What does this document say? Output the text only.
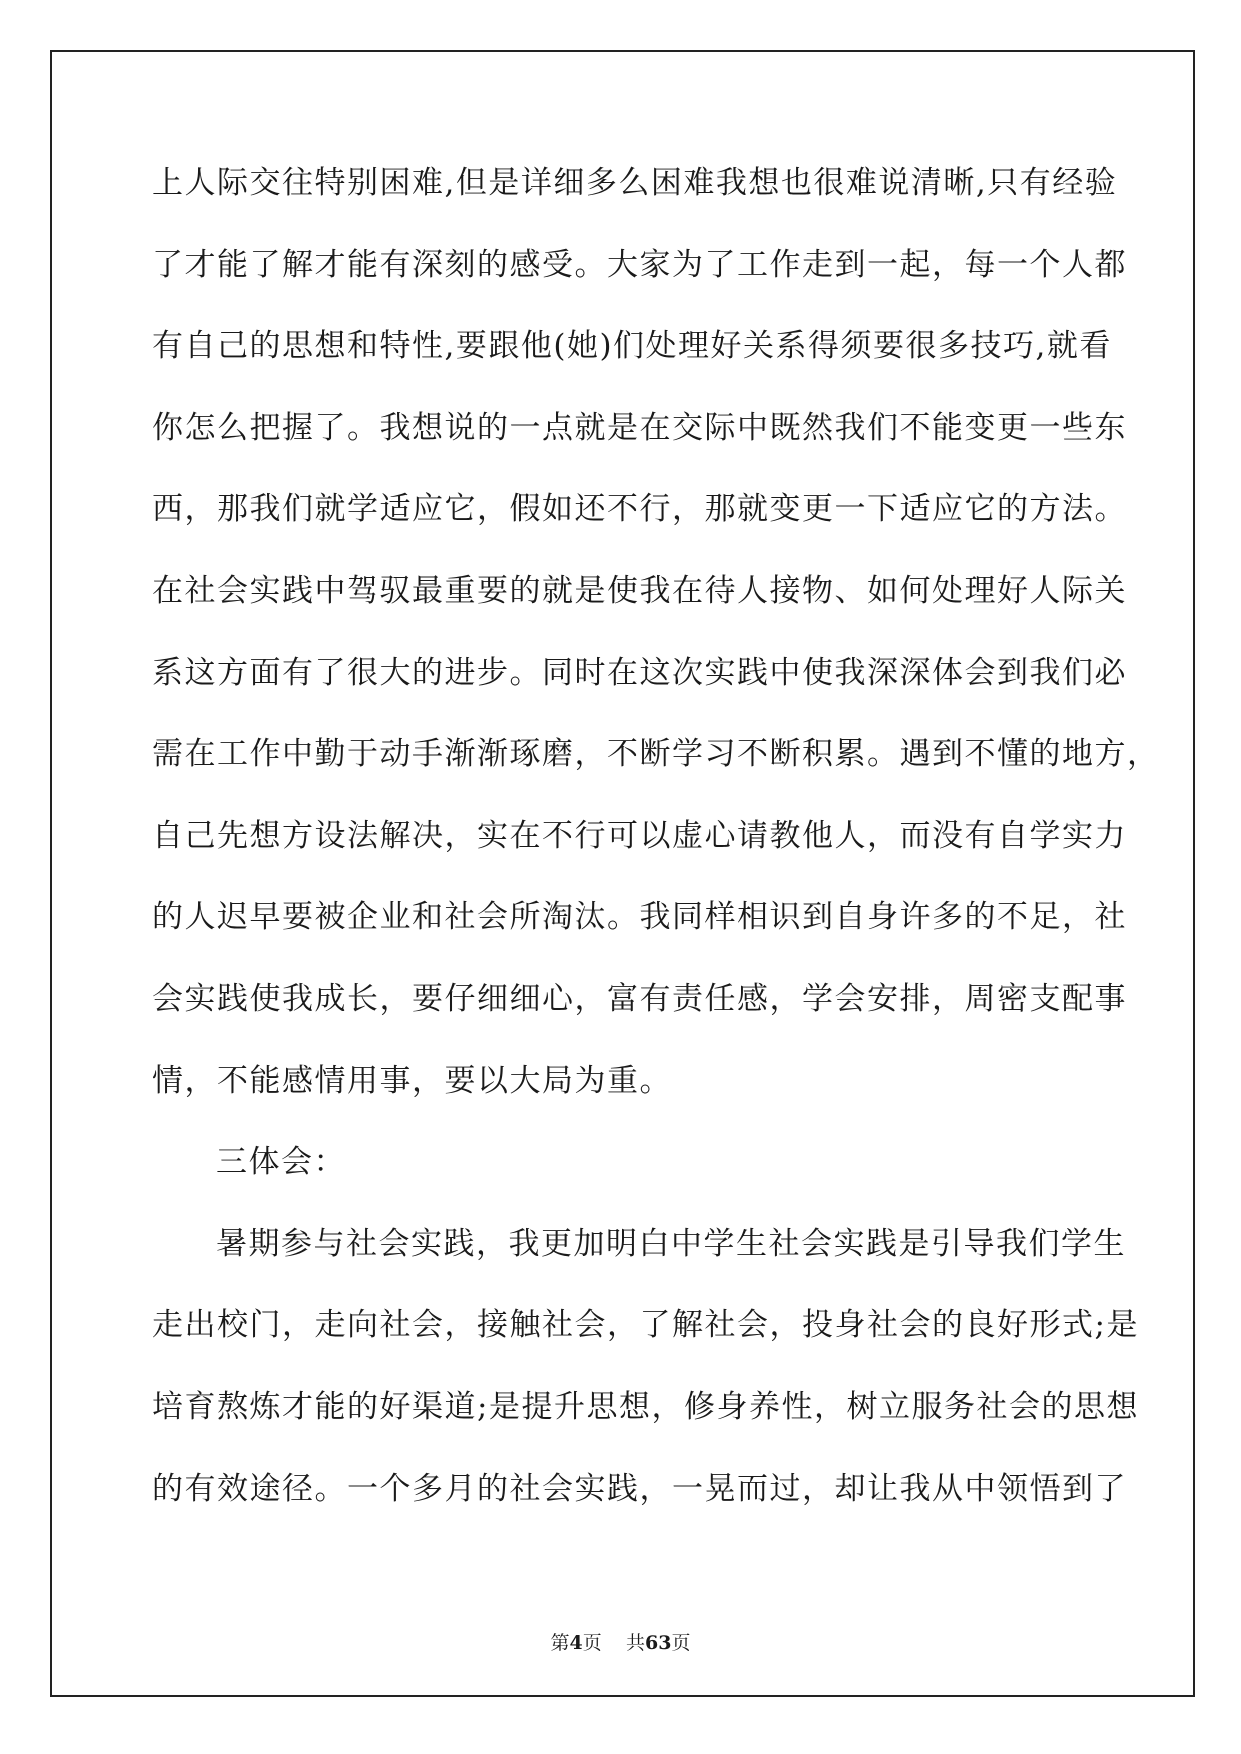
上人际交往特别困难,但是详细多么困难我想也很难说清晰,只有经验
了才能了解才能有深刻的感受。大家为了工作走到一起，每一个人都
有自己的思想和特性,要跟他(她)们处理好关系得须要很多技巧,就看
你怎么把握了。我想说的一点就是在交际中既然我们不能变更一些东
西，那我们就学适应它，假如还不行，那就变更一下适应它的方法。
在社会实践中驾驭最重要的就是使我在待人接物、如何处理好人际关
系这方面有了很大的进步。同时在这次实践中使我深深体会到我们必
需在工作中勤于动手渐渐琢磨，不断学习不断积累。遇到不懂的地方，
自己先想方设法解决，实在不行可以虚心请教他人，而没有自学实力
的人迟早要被企业和社会所淘汰。我同样相识到自身许多的不足，社
会实践使我成长，要仔细细心，富有责任感，学会安排，周密支配事
情，不能感情用事，要以大局为重。
三体会：
暑期参与社会实践，我更加明白中学生社会实践是引导我们学生
走出校门，走向社会，接触社会，了解社会，投身社会的良好形式;是
培育熬炼才能的好渠道;是提升思想，修身养性，树立服务社会的思想
的有效途径。一个多月的社会实践，一晃而过，却让我从中领悟到了
第4页 共63页
